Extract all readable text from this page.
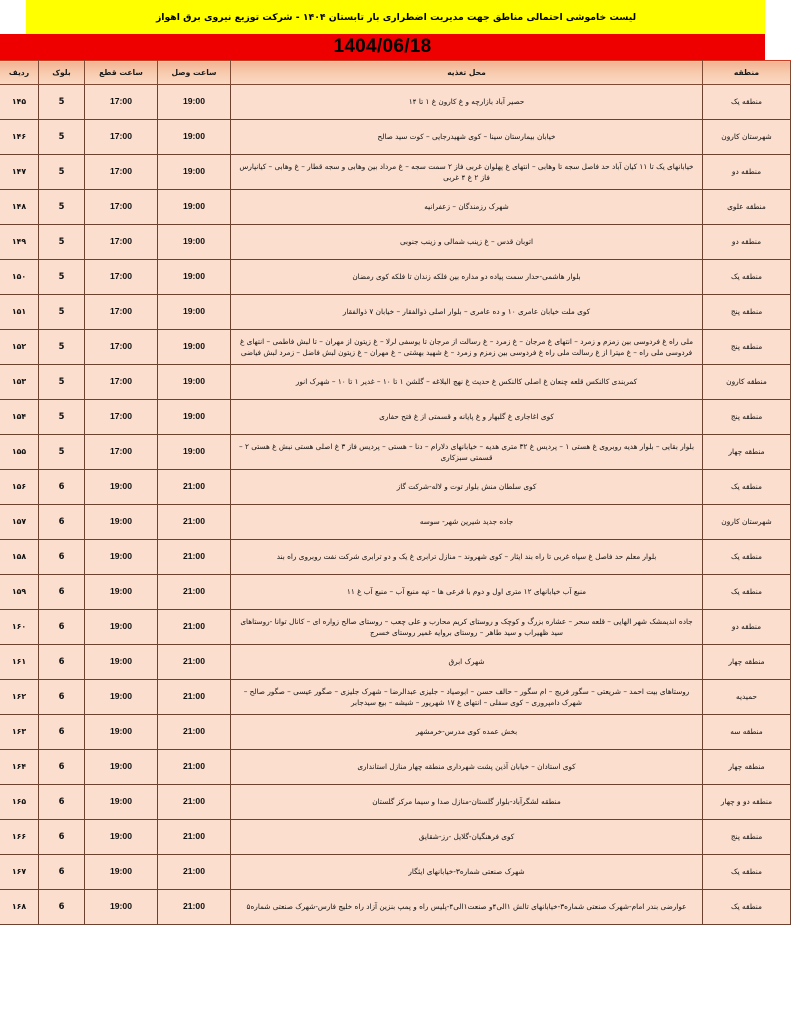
لیست خاموشی احتمالی مناطق جهت مدیریت اضطراری بار تابستان ۱۴۰۴ - شرکت توزیع نیروی برق اهواز
1404/06/18
منطقه	محل تغذیه	ساعت وصل	ساعت قطع	بلوک	ردیف
منطقه یک	حصیر آباد بازارچه و غ کارون غ ۱ تا ۱۴	19:00	17:00	5	۱۴۵
شهرستان کارون	خیابان بیمارستان سینا – کوی شهیدرجایی – کوت سید صالح	19:00	17:00	5	۱۴۶
منطقه دو	خیابانهای یک تا ۱۱ کیان آباد حد فاصل سجه تا وهابی – انتهای غ پهلوان غربی فاز ۲ سمت سجه – غ مرداد بین وهابی و سجه قطار – غ وهابی – کیانپارس فاز ۲ غ ۴ غربی	19:00	17:00	5	۱۴۷
منطقه علوی	شهرک رزمندگان – زعفرانیه	19:00	17:00	5	۱۴۸
منطقه دو	اتوبان قدس – غ زینب شمالی و زینب جنوبی	19:00	17:00	5	۱۴۹
منطقه یک	بلوار هاشمی-حدار سمت پیاده دو مداره بین فلکه زندان تا فلکه کوی رمضان	19:00	17:00	5	۱۵۰
منطقه پنج	کوی ملت خیابان عامری ۱۰ و ده عامری – بلوار اصلی ذوالفقار – خیابان ۷ ذوالفقار	19:00	17:00	5	۱۵۱
منطقه پنج	ملی راه غ فردوسی بین زمزم و زمرد – انتهای غ مرجان – غ زمرد – غ رسالت از مرجان تا یوسفی لرلا – غ زیتون از مهران – تا لبش فاطمی – انتهای غ فردوسی ملی راه – غ میترا از غ رسالت ملی راه غ فردوسی بین زمزم و زمرد – غ شهید بهشتی – غ مهران – غ زیتون لبش فاضل – زمرد لبش فیاضی	19:00	17:00	5	۱۵۲
منطقه کارون	کمربندی کالنکس قلعه چنعان غ اصلی کالنکس غ حدیث غ نهج البلاغه – گلشن ۱ تا ۱۰ – غدیر ۱ تا ۱۰ – شهرک انور	19:00	17:00	5	۱۵۳
منطقه پنج	کوی اغاجاری غ گلبهار و غ پایانه و قسمتی از غ فتح حفاری	19:00	17:00	5	۱۵۴
منطقه چهار	بلوار بقایی – بلوار هدیه روبروی غ هستی ۱ – پردیس غ ۳۲ متری هدیه – خیابانهای دلارام – دنا – هستی – پردیس فاز ۳ غ اصلی هستی نبش غ هستی ۲ – قسمتی سبزکاری	19:00	17:00	5	۱۵۵
منطقه یک	کوی سلطان منش بلوار توت و لاله-شرکت گاز	21:00	19:00	6	۱۵۶
شهرستان کارون	جاده جدید شیرین شهر- سوسه	21:00	19:00	6	۱۵۷
منطقه یک	بلوار معلم حد فاصل غ سپاه غربی تا راه بند ایثار – کوی شهروند – منازل ترابری غ یک و دو ترابری شرکت نفت روبروی راه بند	21:00	19:00	6	۱۵۸
منطقه یک	منبع آب خیابانهای ۱۲ متری اول و دوم با فرعی ها – تپه منبع آب – منبع آب غ ۱۱	21:00	19:00	6	۱۵۹
منطقه دو	جاده اندیمشک شهر الهایی – قلعه سحر – عشاره بزرگ و کوچک و روستای کریم محارب و علی چعب – روستای صالح زواره ای – کانال توانا -روستاهای سید ظهیراب و سید طاهر – روستای بروایه غمیر روستای خسرج	21:00	19:00	6	۱۶۰
منطقه چهار	شهرک ابرق	21:00	19:00	6	۱۶۱
حمیدیه	روستاهای بیت احمد – شریعتی – سگور فریج – ام سگور – حالف حسن – ابوصیاد – جلیزی عبدالرضا – شهرک جلیزی – صگور عیسی – صگور صالح – شهرک دامپروری – کوی سفلی – انتهای غ ۱۷ شهریور – شیشه – بیع سیدجابر	21:00	19:00	6	۱۶۲
منطقه سه	بخش عمده کوی مدرس-خرمشهر	21:00	19:00	6	۱۶۳
منطقه چهار	کوی استادان – خیابان آذین پشت شهرداری منطقه چهار منازل استانداری	21:00	19:00	6	۱۶۴
منطقه دو و چهار	منطقه لشگرآباد-بلوار گلستان-منازل صدا و سیما مرکز گلستان	21:00	19:00	6	۱۶۵
منطقه پنج	کوی فرهنگیان-گلایل -رز-شقایق	21:00	19:00	6	۱۶۶
منطقه یک	شهرک صنعتی شماره۳-خیابانهای ایثگار	21:00	19:00	6	۱۶۷
منطقه یک	عوارضی بندر امام-شهرک صنعتی شماره۳-خیابانهای تالش ۱الی۴و صنعت۱الی۴-پلیس راه و پمپ بنزین آزاد راه خلیج فارس-شهرک صنعتی شماره۵	21:00	19:00	6	۱۶۸
